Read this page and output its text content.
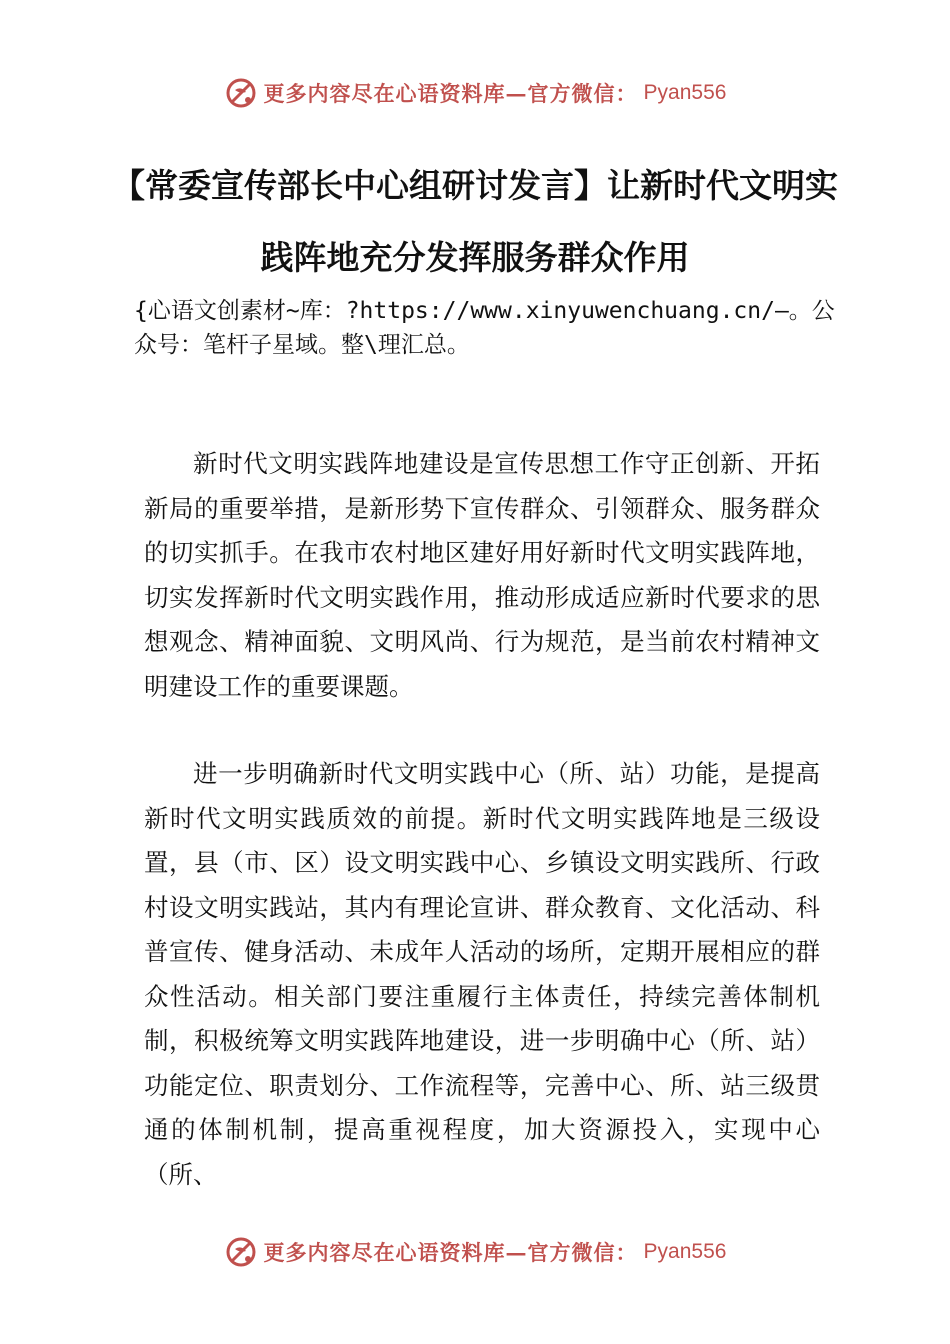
更多内容尽在心语资料库—官方微信： Pyan556
【常委宣传部长中心组研讨发言】让新时代文明实践阵地充分发挥服务群众作用
{心语文创素材~库：?https://www.xinyuwenchuang.cn/—。公众号：笔杆子星域。整\理汇总。

新时代文明实践阵地建设是宣传思想工作守正创新、开拓新局的重要举措，是新形势下宣传群众、引领群众、服务群众的切实抓手。在我市农村地区建好用好新时代文明实践阵地，切实发挥新时代文明实践作用，推动形成适应新时代要求的思想观念、精神面貌、文明风尚、行为规范，是当前农村精神文明建设工作的重要课题。

进一步明确新时代文明实践中心（所、站）功能，是提高新时代文明实践质效的前提。新时代文明实践阵地是三级设置，县（市、区）设文明实践中心、乡镇设文明实践所、行政村设文明实践站，其内有理论宣讲、群众教育、文化活动、科普宣传、健身活动、未成年人活动的场所，定期开展相应的群众性活动。相关部门要注重履行主体责任，持续完善体制机制，积极统筹文明实践阵地建设，进一步明确中心（所、站）功能定位、职责划分、工作流程等，完善中心、所、站三级贯通的体制机制，提高重视程度，加大资源投入，实现中心（所、

更多内容尽在心语资料库—官方微信： Pyan556
